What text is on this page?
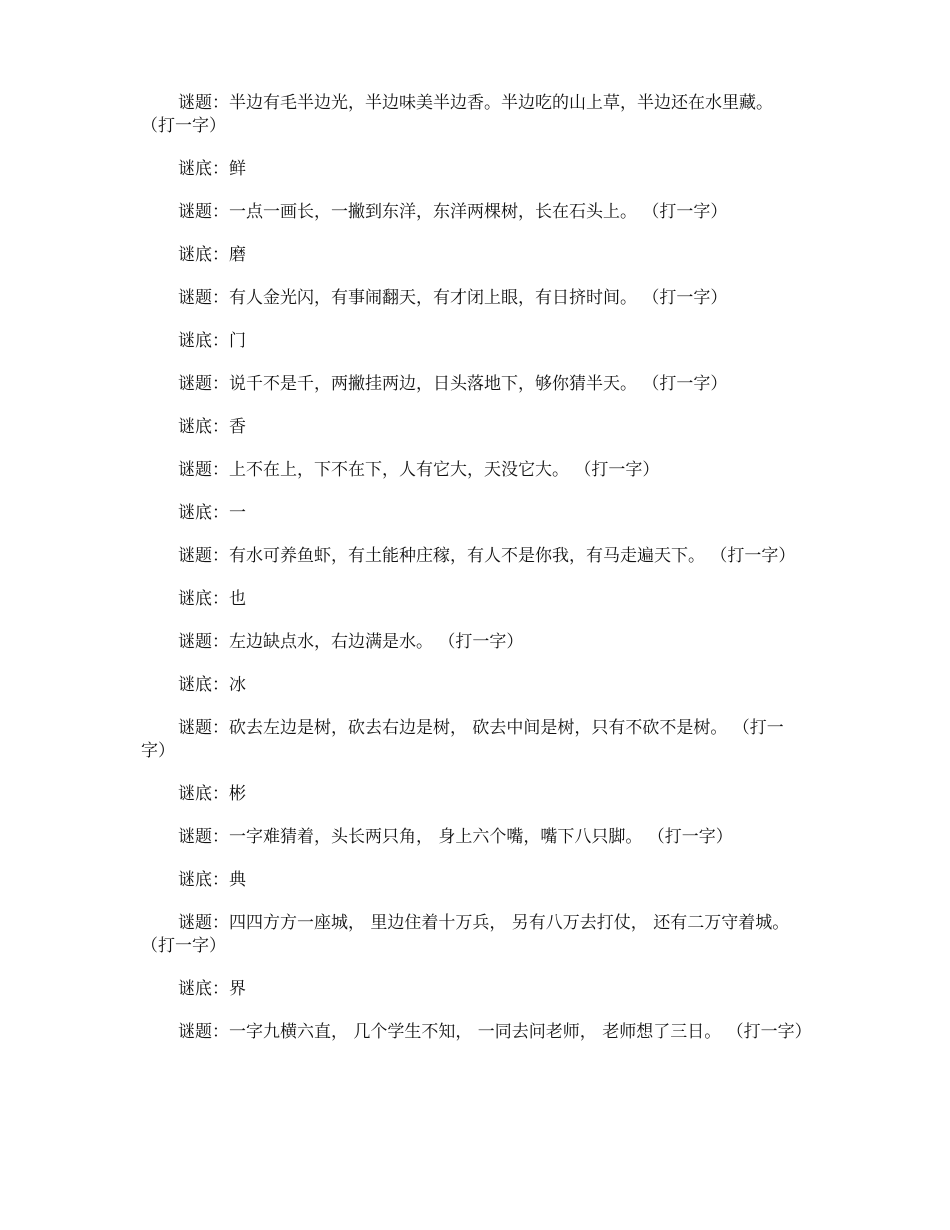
谜题：半边有毛半边光，半边味美半边香。半边吃的山上草，半边还在水里藏。 （打一字）

谜底：鲜

谜题：一点一画长，一撇到东洋，东洋两棵树，长在石头上。 （打一字）

谜底：磨

谜题：有人金光闪，有事闹翻天，有才闭上眼，有日挤时间。 （打一字）

谜底：门

谜题：说千不是千，两撇挂两边，日头落地下，够你猜半天。 （打一字）

谜底：香

谜题：上不在上，下不在下，人有它大，天没它大。 （打一字）

谜底：一

谜题：有水可养鱼虾，有土能种庄稼，有人不是你我，有马走遍天下。 （打一字）

谜底：也

谜题：左边缺点水，右边满是水。 （打一字）

谜底：冰

谜题：砍去左边是树，砍去右边是树， 砍去中间是树，只有不砍不是树。 （打一字）

谜底：彬

谜题：一字难猜着，头长两只角， 身上六个嘴，嘴下八只脚。 （打一字）

谜底：典

谜题：四四方方一座城， 里边住着十万兵， 另有八万去打仗， 还有二万守着城。 （打一字）

谜底：界

谜题：一字九横六直， 几个学生不知， 一同去问老师， 老师想了三日。 （打一字）
